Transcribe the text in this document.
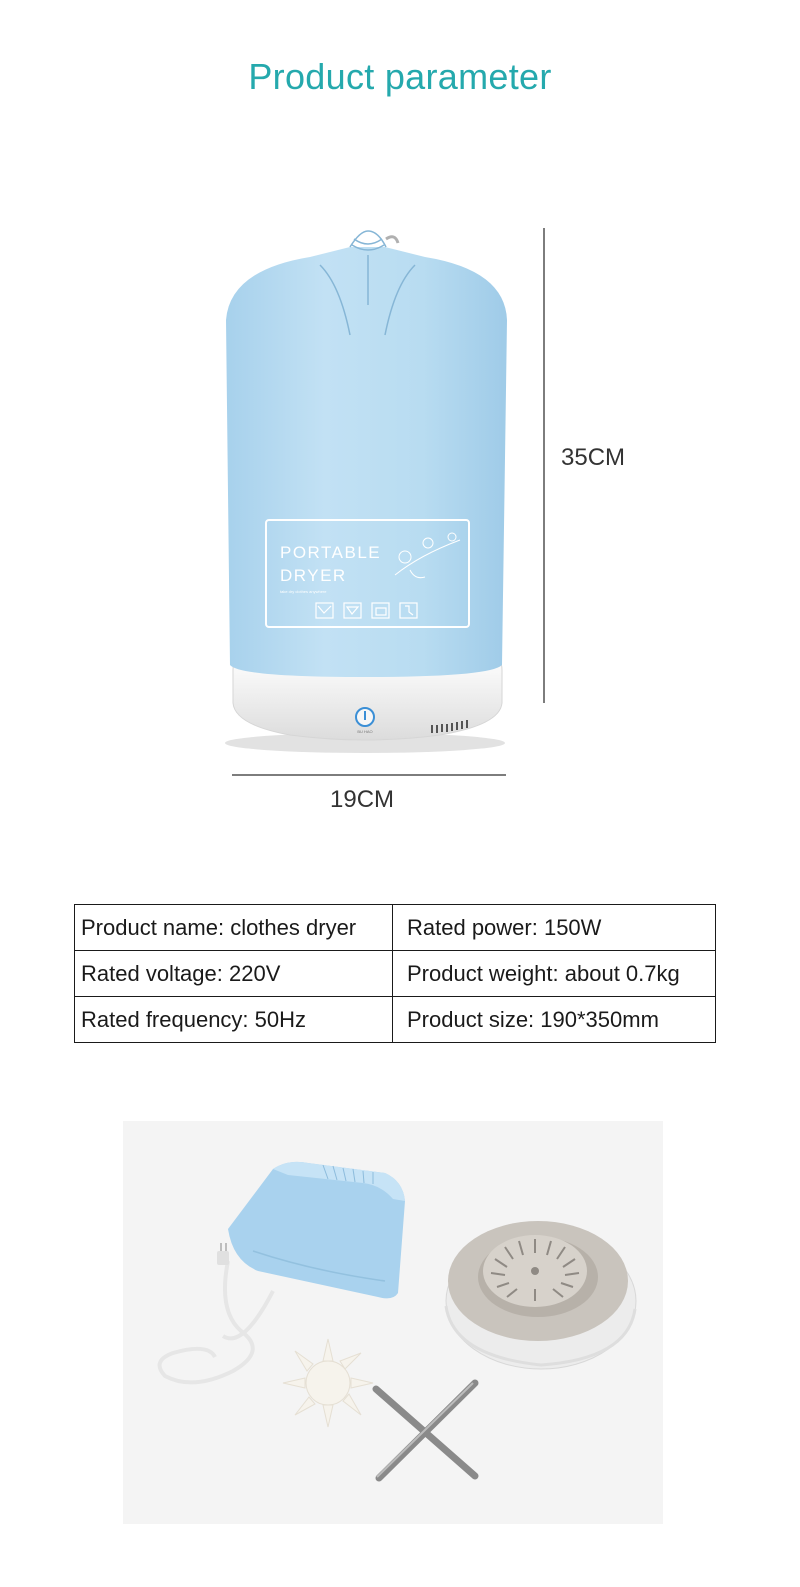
Product parameter
BU HAO
PORTABLE
DRYER
take dry clothes anywhere
35CM
19CM
Product name: clothes dryer	Rated power: 150W
Rated voltage: 220V	Product weight: about 0.7kg
Rated frequency: 50Hz	Product size: 190*350mm
